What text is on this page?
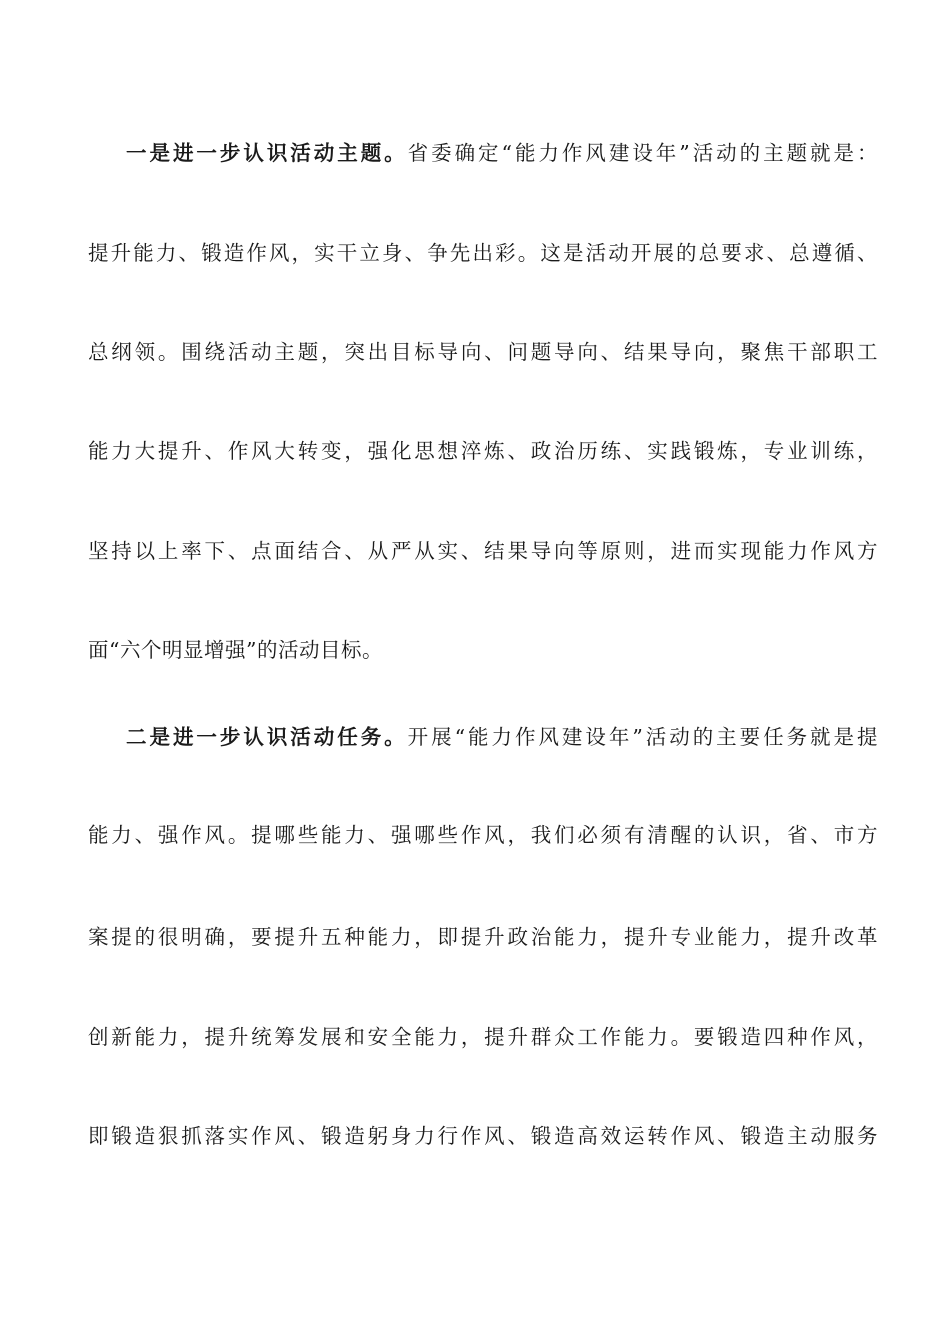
一是进一步认识活动主题。省委确定“能力作风建设年”活动的主题就是：
提升能力、锻造作风，实干立身、争先出彩。这是活动开展的总要求、总遵循、
总纲领。围绕活动主题，突出目标导向、问题导向、结果导向，聚焦干部职工
能力大提升、作风大转变，强化思想淬炼、政治历练、实践锻炼，专业训练，
坚持以上率下、点面结合、从严从实、结果导向等原则，进而实现能力作风方
面“六个明显增强”的活动目标。
二是进一步认识活动任务。开展“能力作风建设年”活动的主要任务就是提
能力、强作风。提哪些能力、强哪些作风，我们必须有清醒的认识，省、市方
案提的很明确，要提升五种能力，即提升政治能力，提升专业能力，提升改革
创新能力，提升统筹发展和安全能力，提升群众工作能力。要锻造四种作风，
即锻造狠抓落实作风、锻造躬身力行作风、锻造高效运转作风、锻造主动服务
